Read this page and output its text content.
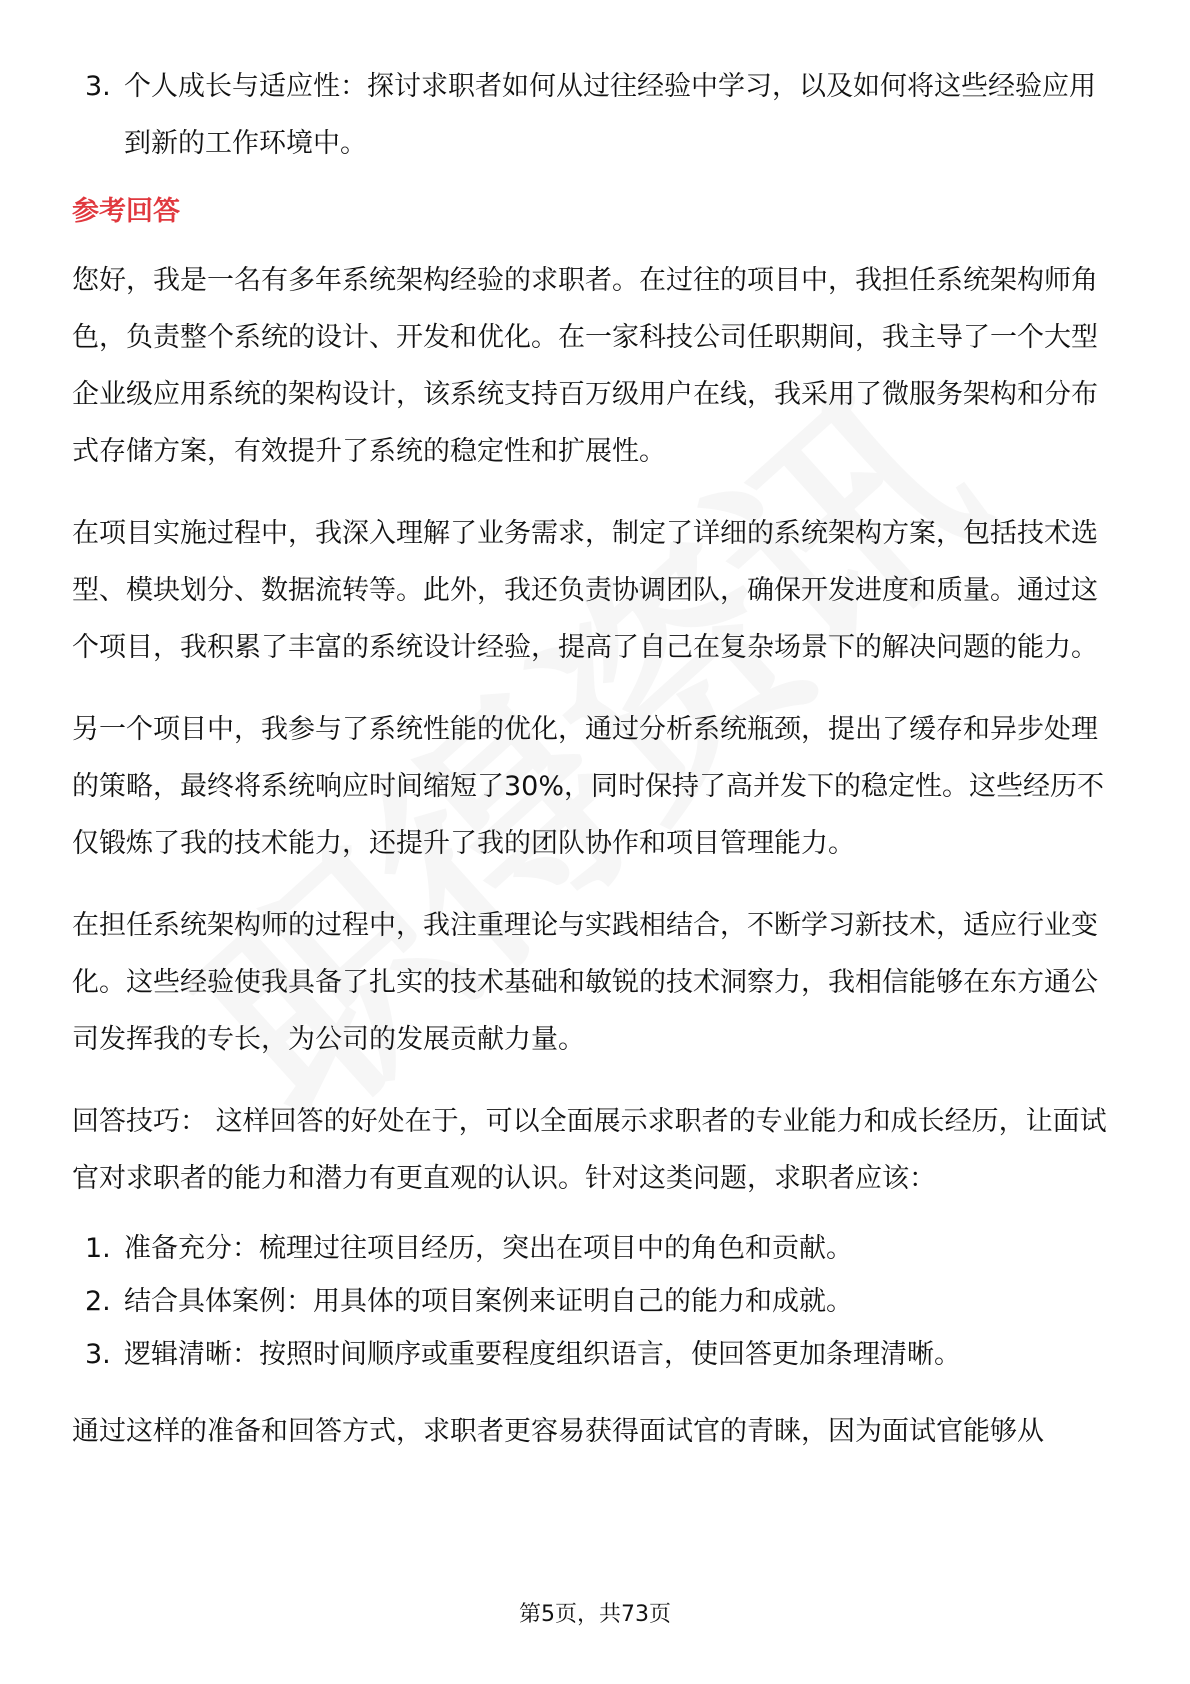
3. 个人成长与适应性：探讨求职者如何从过往经验中学习，以及如何将这些经验应用到新的工作环境中。
参考回答

您好，我是一名有多年系统架构经验的求职者。在过往的项目中，我担任系统架构师角色，负责整个系统的设计、开发和优化。在一家科技公司任职期间，我主导了一个大型企业级应用系统的架构设计，该系统支持百万级用户在线，我采用了微服务架构和分布式存储方案，有效提升了系统的稳定性和扩展性。

在项目实施过程中，我深入理解了业务需求，制定了详细的系统架构方案，包括技术选型、模块划分、数据流转等。此外，我还负责协调团队，确保开发进度和质量。通过这个项目，我积累了丰富的系统设计经验，提高了自己在复杂场景下的解决问题的能力。

另一个项目中，我参与了系统性能的优化，通过分析系统瓶颈，提出了缓存和异步处理的策略，最终将系统响应时间缩短了30%，同时保持了高并发下的稳定性。这些经历不仅锻炼了我的技术能力，还提升了我的团队协作和项目管理能力。

在担任系统架构师的过程中，我注重理论与实践相结合，不断学习新技术，适应行业变化。这些经验使我具备了扎实的技术基础和敏锐的技术洞察力，我相信能够在东方通公司发挥我的专长，为公司的发展贡献力量。

回答技巧： 这样回答的好处在于，可以全面展示求职者的专业能力和成长经历，让面试官对求职者的能力和潜力有更直观的认识。针对这类问题，求职者应该：

1. 准备充分：梳理过往项目经历，突出在项目中的角色和贡献。
2. 结合具体案例：用具体的项目案例来证明自己的能力和成就。
3. 逻辑清晰：按照时间顺序或重要程度组织语言，使回答更加条理清晰。

通过这样的准备和回答方式，求职者更容易获得面试官的青睐，因为面试官能够从

第5页，共73页
